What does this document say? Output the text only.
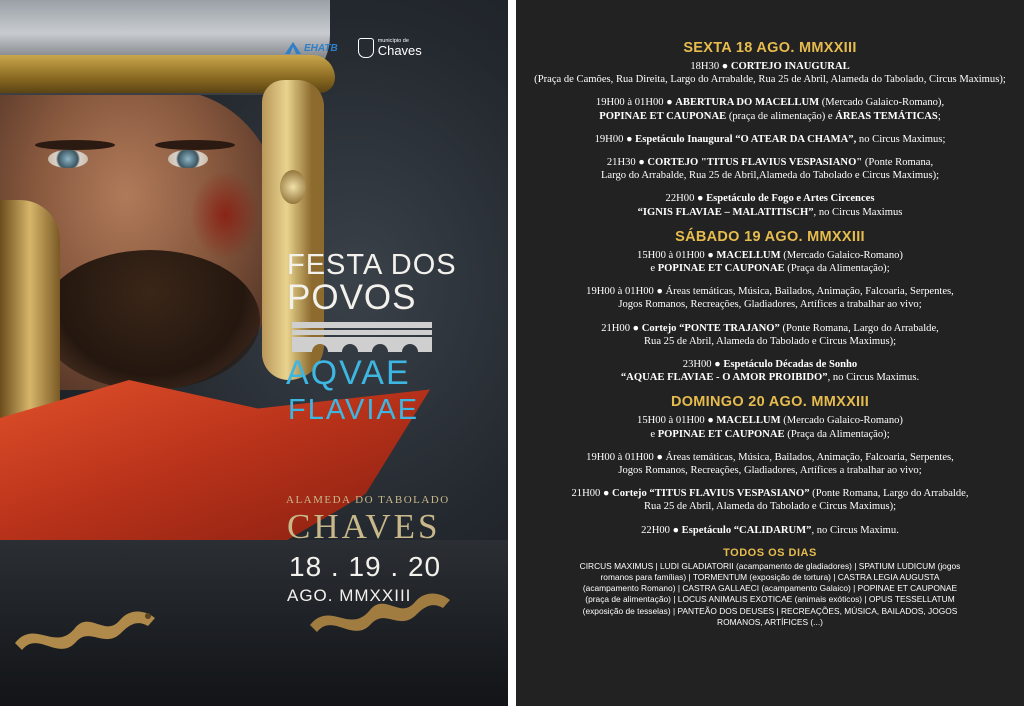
EHATB
município de
Chaves
FESTA DOS
POVOS
AQVAE
FLAVIAE
ALAMEDA DO TABOLADO
CHAVES
18 . 19 . 20
AGO. MMXXIII
SEXTA 18 AGO. MMXXIII
18H30 ● CORTEJO INAUGURAL
(Praça de Camões, Rua Direita, Largo do Arrabalde, Rua 25 de Abril, Alameda do Tabolado, Circus Maximus);
19H00 à 01H00 ● ABERTURA DO MACELLUM (Mercado Galaico-Romano),
POPINAE ET CAUPONAE (praça de alimentação) e ÁREAS TEMÁTICAS;
19H00 ● Espetáculo Inaugural “O ATEAR DA CHAMA”, no Circus Maximus;
21H30 ● CORTEJO "TITUS FLAVIUS VESPASIANO" (Ponte Romana,
Largo do Arrabalde, Rua 25 de Abril,Alameda do Tabolado e Circus Maximus);
22H00 ● Espetáculo de Fogo e Artes Circences
“IGNIS FLAVIAE – MALATITISCH”, no Circus Maximus
SÁBADO 19 AGO. MMXXIII
15H00 à 01H00 ● MACELLUM (Mercado Galaico-Romano)
e POPINAE ET CAUPONAE (Praça da Alimentação);
19H00 à 01H00 ● Áreas temáticas, Música, Bailados, Animação, Falcoaria, Serpentes,
Jogos Romanos, Recreações, Gladiadores, Artífices a trabalhar ao vivo;
21H00 ● Cortejo “PONTE TRAJANO” (Ponte Romana, Largo do Arrabalde,
Rua 25 de Abril, Alameda do Tabolado e Circus Maximus);
23H00 ● Espetáculo Décadas de Sonho
“AQUAE FLAVIAE - O AMOR PROIBIDO”, no Circus Maximus.
DOMINGO 20 AGO. MMXXIII
15H00 à 01H00 ● MACELLUM (Mercado Galaico-Romano)
e POPINAE ET CAUPONAE (Praça da Alimentação);
19H00 à 01H00 ● Áreas temáticas, Música, Bailados, Animação, Falcoaria, Serpentes,
Jogos Romanos, Recreações, Gladiadores, Artífices a trabalhar ao vivo;
21H00 ● Cortejo “TITUS FLAVIUS VESPASIANO” (Ponte Romana, Largo do Arrabalde,
Rua 25 de Abril, Alameda do Tabolado e Circus Maximus);
22H00 ● Espetáculo “CALIDARUM”, no Circus Maximu.
TODOS OS DIAS
CIRCUS MAXIMUS | LUDI GLADIATORII (acampamento de gladiadores) | SPATIUM LUDICUM (jogos romanos para famílias) | TORMENTUM (exposição de tortura) | CASTRA LEGIA AUGUSTA (acampamento Romano) | CASTRA GALLAECI (acampamento Galaico) | POPINAE ET CAUPONAE (praça de alimentação) | LOCUS ANIMALIS EXOTICAE (animais exóticos) | OPUS TESSELLATUM (exposição de tesselas) | PANTEÃO DOS DEUSES | RECREAÇÕES, MÚSICA, BAILADOS, JOGOS ROMANOS, ARTÍFICES (...)
